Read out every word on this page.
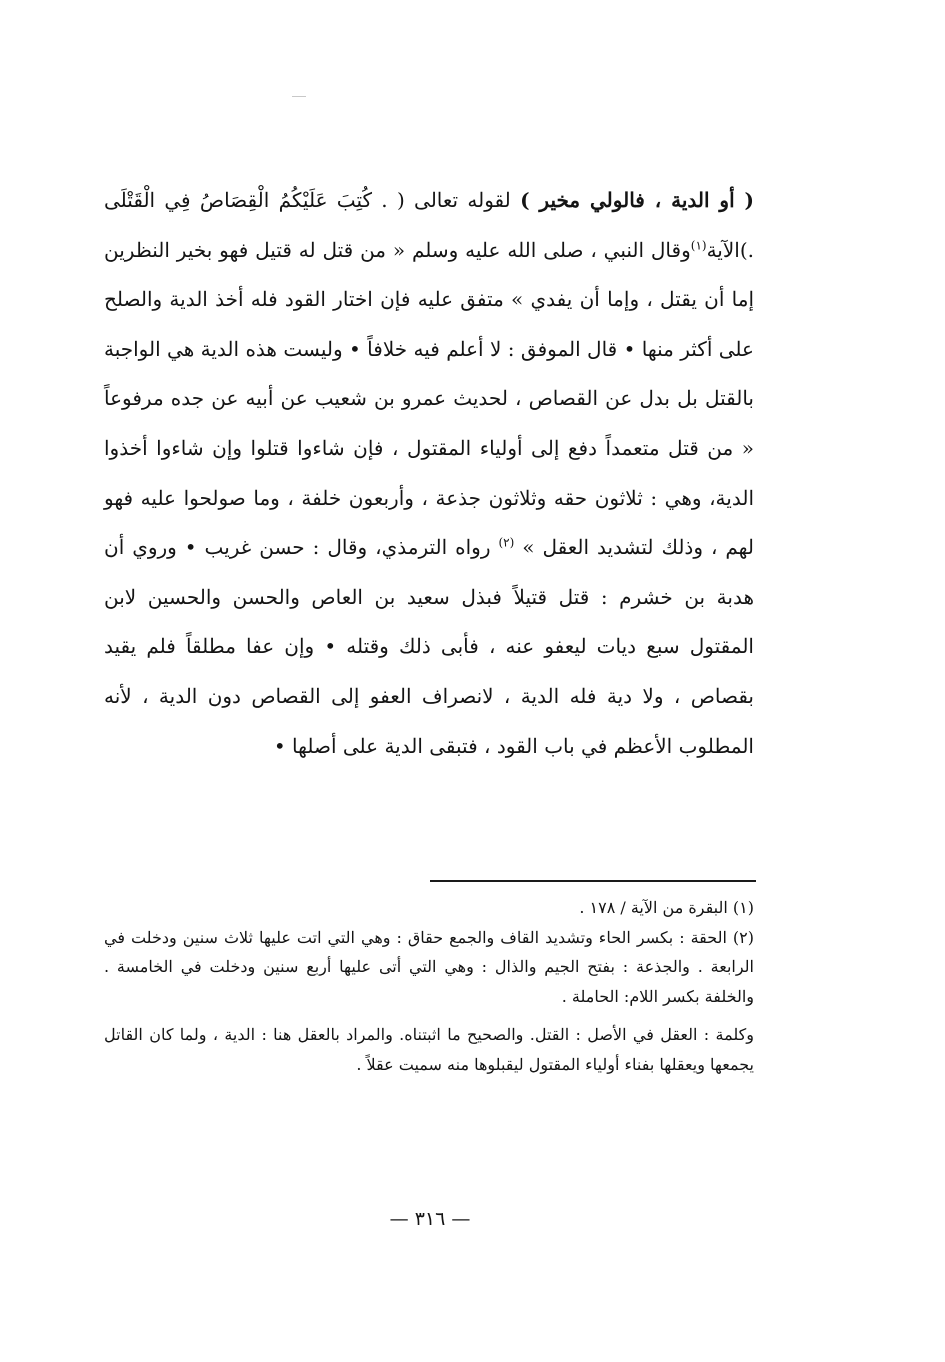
( أو الدية ، فالولي مخير ) لقوله تعالى ( . كُتِبَ عَلَيْكُمُ الْقِصَاصُ فِي الْقَتْلَى .)الآية$^{(١)}$وقال النبي ، صلى الله عليه وسلم « من قتل له قتيل فهو بخير النظرين إما أن يقتل ، وإما أن يفدي » متفق عليه فإن اختار القود فله أخذ الدية والصلح على أكثر منها • قال الموفق : لا أعلم فيه خلافاً • وليست هذه الدية هي الواجبة بالقتل بل بدل عن القصاص ، لحديث عمرو بن شعيب عن أبيه عن جده مرفوعاً « من قتل متعمداً دفع إلى أولياء المقتول ، فإن شاءوا قتلوا وإن شاءوا أخذوا الدية، وهي : ثلاثون حقه وثلاثون جذعة ، وأربعون خلفة ، وما صولحوا عليه فهو لهم ، وذلك لتشديد العقل » $^{(٢)}$ رواه الترمذي، وقال : حسن غريب • وروي أن هدبة بن خشرم : قتل قتيلاً فبذل سعيد بن العاص والحسن والحسين لابن المقتول سبع ديات ليعفو عنه ، فأبى ذلك وقتله • وإن عفا مطلقاً فلم يقيد بقصاص ، ولا دية فله الدية ، لانصراف العفو إلى القصاص دون الدية ، لأنه المطلوب الأعظم في باب القود ، فتبقى الدية على أصلها •

(١) البقرة من الآية / ١٧٨ .

(٢) الحقة : بكسر الحاء وتشديد القاف والجمع حقاق : وهي التي اتت عليها ثلاث سنين ودخلت في الرابعة . والجذعة : بفتح الجيم والذال : وهي التي أتى عليها أربع سنين ودخلت في الخامسة . والخلفة بكسر اللام: الحاملة .

وكلمة : العقل في الأصل : القتل. والصحيح ما اثبتناه. والمراد بالعقل هنا : الدية ، ولما كان القاتل يجمعها ويعقلها بفناء أولياء المقتول ليقبلوها منه سميت عقلاً .

— ٣١٦ —
